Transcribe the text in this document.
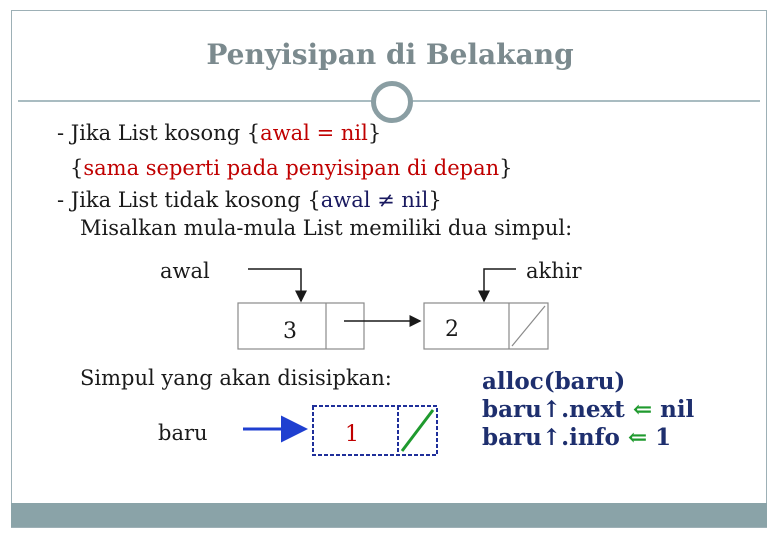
Penyisipan di Belakang
- Jika List kosong {awal = nil}
{sama seperti pada penyisipan di depan}
- Jika List tidak kosong {awal ≠ nil}
Misalkan mula-mula List memiliki dua simpul:
awal	akhir
Simpul yang akan disisipkan:
baru
alloc(baru)
baru↑.next ⇐ nil
baru↑.info ⇐ 1
3	2
1
